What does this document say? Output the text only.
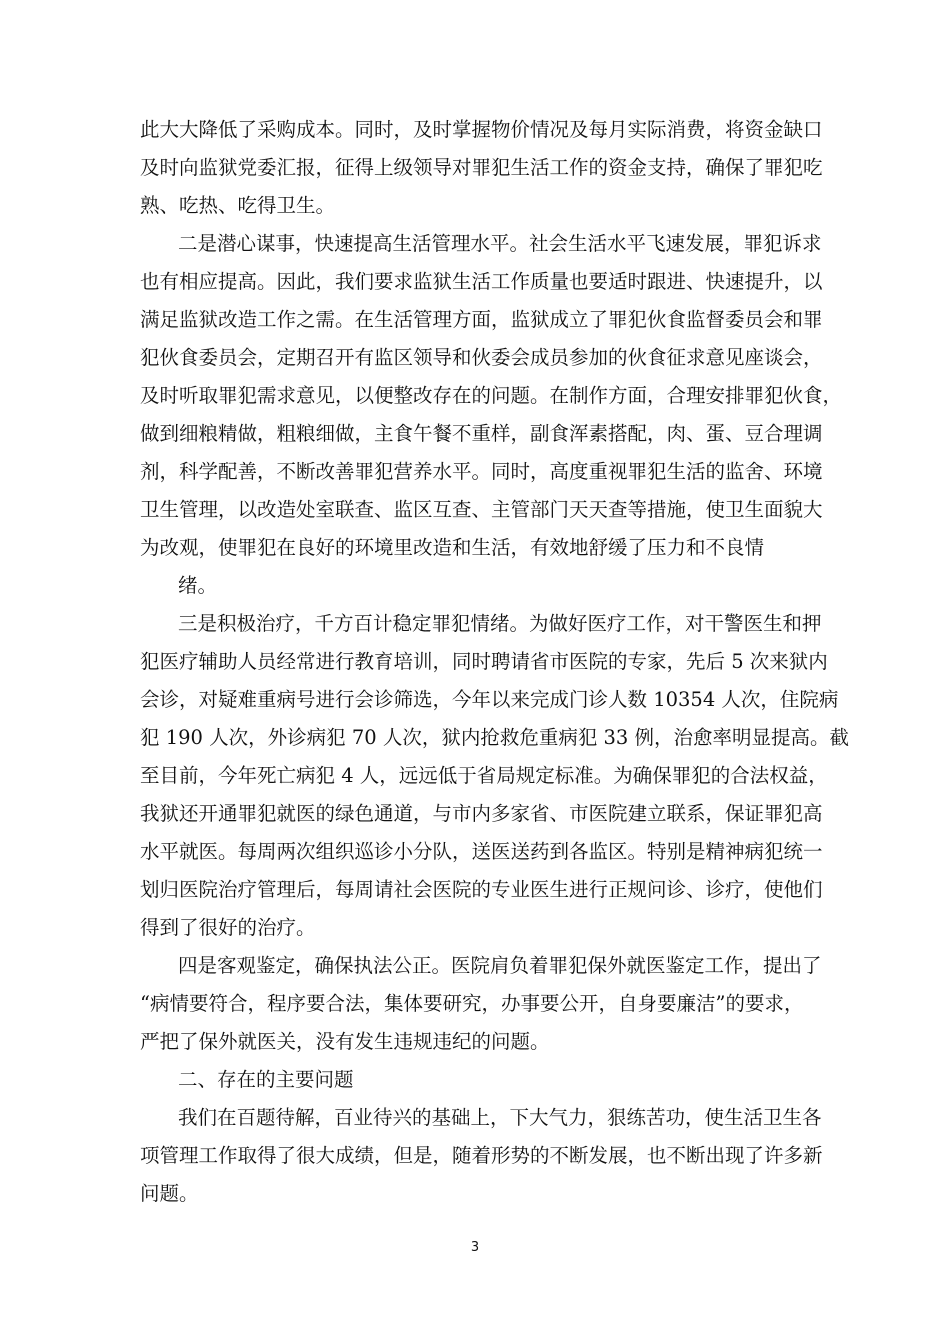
此大大降低了采购成本。同时，及时掌握物价情况及每月实际消费，将资金缺口
及时向监狱党委汇报，征得上级领导对罪犯生活工作的资金支持，确保了罪犯吃
熟、吃热、吃得卫生。
二是潜心谋事，快速提高生活管理水平。社会生活水平飞速发展，罪犯诉求
也有相应提高。因此，我们要求监狱生活工作质量也要适时跟进、快速提升，以
满足监狱改造工作之需。在生活管理方面，监狱成立了罪犯伙食监督委员会和罪
犯伙食委员会，定期召开有监区领导和伙委会成员参加的伙食征求意见座谈会，
及时听取罪犯需求意见，以便整改存在的问题。在制作方面，合理安排罪犯伙食，
做到细粮精做，粗粮细做，主食午餐不重样，副食浑素搭配，肉、蛋、豆合理调
剂，科学配善，不断改善罪犯营养水平。同时，高度重视罪犯生活的监舍、环境
卫生管理，以改造处室联查、监区互查、主管部门天天查等措施，使卫生面貌大
为改观，使罪犯在良好的环境里改造和生活，有效地舒缓了压力和不良情
绪。
三是积极治疗，千方百计稳定罪犯情绪。为做好医疗工作，对干警医生和押
犯医疗辅助人员经常进行教育培训，同时聘请省市医院的专家，先后 5 次来狱内
会诊，对疑难重病号进行会诊筛选，今年以来完成门诊人数 10354 人次，住院病
犯 190 人次，外诊病犯 70 人次，狱内抢救危重病犯 33 例，治愈率明显提高。截
至目前，今年死亡病犯 4 人，远远低于省局规定标准。为确保罪犯的合法权益，
我狱还开通罪犯就医的绿色通道，与市内多家省、市医院建立联系，保证罪犯高
水平就医。每周两次组织巡诊小分队，送医送药到各监区。特别是精神病犯统一
划归医院治疗管理后，每周请社会医院的专业医生进行正规问诊、诊疗，使他们
得到了很好的治疗。
四是客观鉴定，确保执法公正。医院肩负着罪犯保外就医鉴定工作，提出了
“病情要符合，程序要合法，集体要研究，办事要公开，自身要廉洁”的要求，
严把了保外就医关，没有发生违规违纪的问题。
二、存在的主要问题
我们在百题待解，百业待兴的基础上，下大气力，狠练苦功，使生活卫生各
项管理工作取得了很大成绩，但是，随着形势的不断发展，也不断出现了许多新
问题。
3
